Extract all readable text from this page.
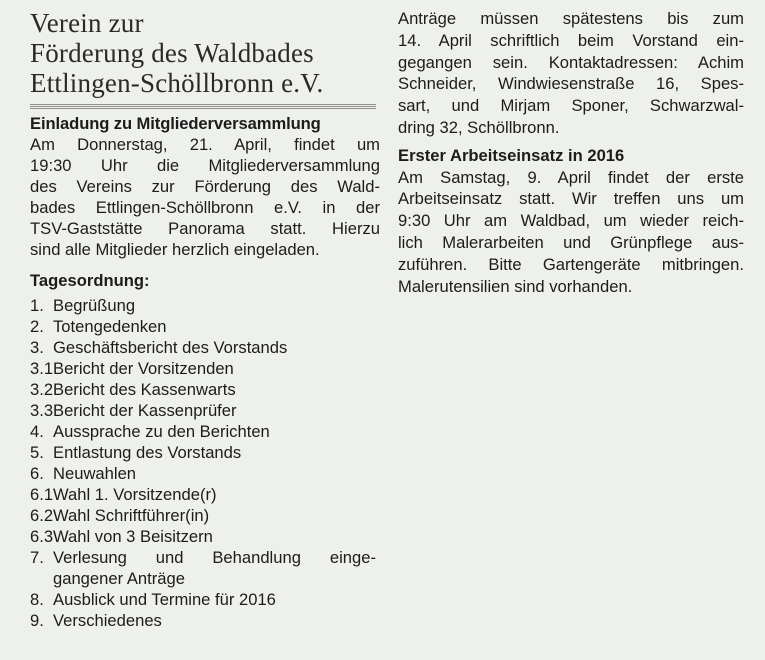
Verein zur
Förderung des Waldbades
Ettlingen-Schöllbronn e.V.
Einladung zu Mitgliederversammlung
Am Donnerstag, 21. April, findet um
19:30 Uhr die Mitgliederversammlung
des Vereins zur Förderung des Wald-
bades Ettlingen-Schöllbronn e.V. in der
TSV-Gaststätte Panorama statt. Hierzu
sind alle Mitglieder herzlich eingeladen.
Tagesordnung:
1. Begrüßung
2. Totengedenken
3. Geschäftsbericht des Vorstands
3.1 Bericht der Vorsitzenden
3.2 Bericht des Kassenwarts
3.3 Bericht der Kassenprüfer
4. Aussprache zu den Berichten
5. Entlastung des Vorstands
6. Neuwahlen
6.1 Wahl 1. Vorsitzende(r)
6.2 Wahl Schriftführer(in)
6.3 Wahl von 3 Beisitzern
7. Verlesung und Behandlung einge-
gangener Anträge
8. Ausblick und Termine für 2016
9. Verschiedenes
Anträge müssen spätestens bis zum
14. April schriftlich beim Vorstand ein-
gegangen sein. Kontaktadressen: Achim
Schneider, Windwiesenstraße 16, Spes-
sart, und Mirjam Sponer, Schwarzwal-
dring 32, Schöllbronn.
Erster Arbeitseinsatz in 2016
Am Samstag, 9. April findet der erste
Arbeitseinsatz statt. Wir treffen uns um
9:30 Uhr am Waldbad, um wieder reich-
lich Malerarbeiten und Grünpflege aus-
zuführen. Bitte Gartengeräte mitbringen.
Malerutensilien sind vorhanden.
